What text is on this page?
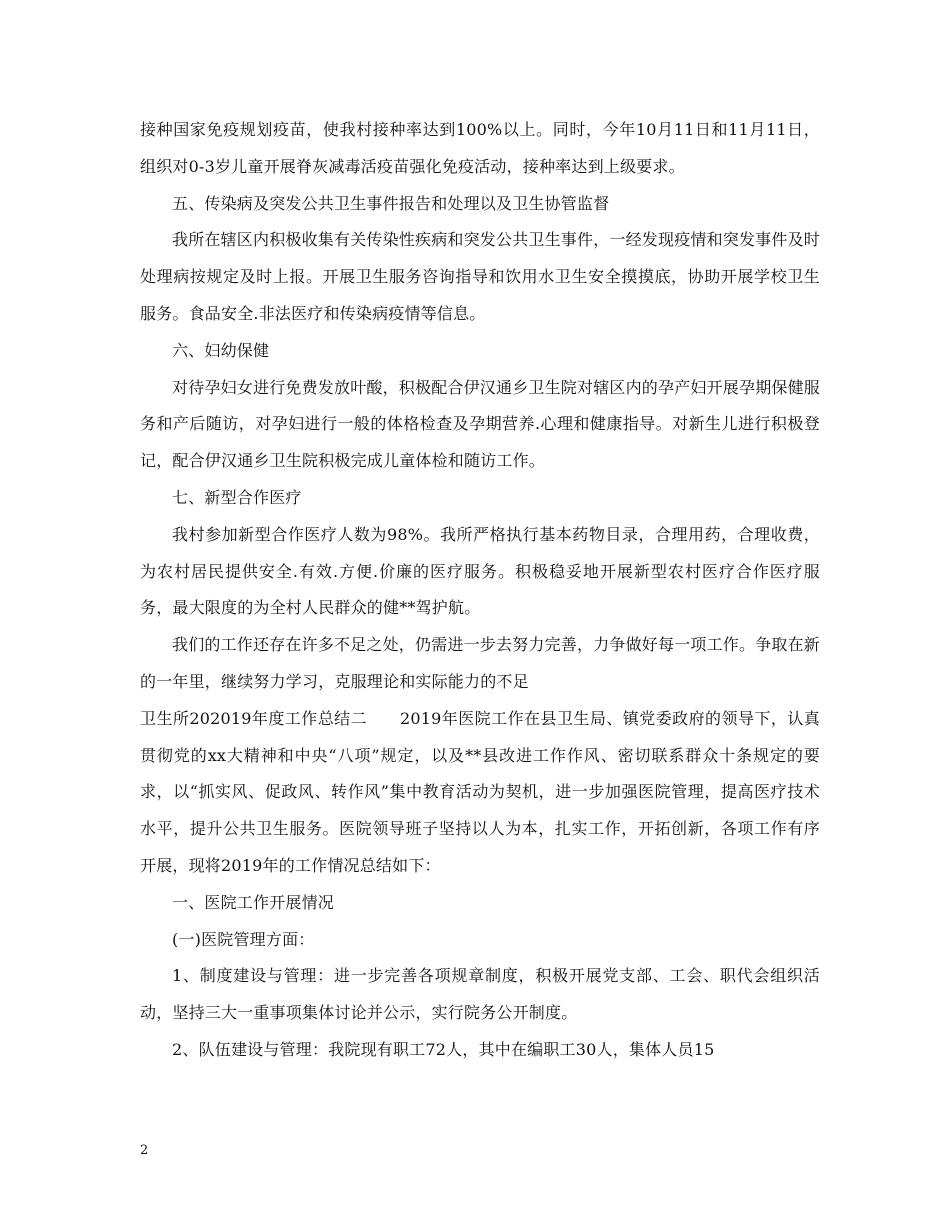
接种国家免疫规划疫苗，使我村接种率达到100%以上。同时，今年10月11日和11月11日，组织对0-3岁儿童开展脊灰减毒活疫苗强化免疫活动，接种率达到上级要求。

五、传染病及突发公共卫生事件报告和处理以及卫生协管监督

我所在辖区内积极收集有关传染性疾病和突发公共卫生事件，一经发现疫情和突发事件及时处理病按规定及时上报。开展卫生服务咨询指导和饮用水卫生安全摸摸底，协助开展学校卫生服务。食品安全.非法医疗和传染病疫情等信息。

六、妇幼保健

对待孕妇女进行免费发放叶酸，积极配合伊汉通乡卫生院对辖区内的孕产妇开展孕期保健服务和产后随访，对孕妇进行一般的体格检查及孕期营养.心理和健康指导。对新生儿进行积极登记，配合伊汉通乡卫生院积极完成儿童体检和随访工作。

七、新型合作医疗

我村参加新型合作医疗人数为98%。我所严格执行基本药物目录，合理用药，合理收费，为农村居民提供安全.有效.方便.价廉的医疗服务。积极稳妥地开展新型农村医疗合作医疗服务，最大限度的为全村人民群众的健**驾护航。

我们的工作还存在许多不足之处，仍需进一步去努力完善，力争做好每一项工作。争取在新的一年里，继续努力学习，克服理论和实际能力的不足

卫生所202019年度工作总结二　　2019年医院工作在县卫生局、镇党委政府的领导下，认真贯彻党的xx大精神和中央“八项”规定，以及**县改进工作作风、密切联系群众十条规定的要求，以“抓实风、促政风、转作风”集中教育活动为契机，进一步加强医院管理，提高医疗技术水平，提升公共卫生服务。医院领导班子坚持以人为本，扎实工作，开拓创新，各项工作有序开展，现将2019年的工作情况总结如下：

一、医院工作开展情况

(一)医院管理方面：

1、制度建设与管理：进一步完善各项规章制度，积极开展党支部、工会、职代会组织活动，坚持三大一重事项集体讨论并公示，实行院务公开制度。

2、队伍建设与管理：我院现有职工72人，其中在编职工30人，集体人员15

2
